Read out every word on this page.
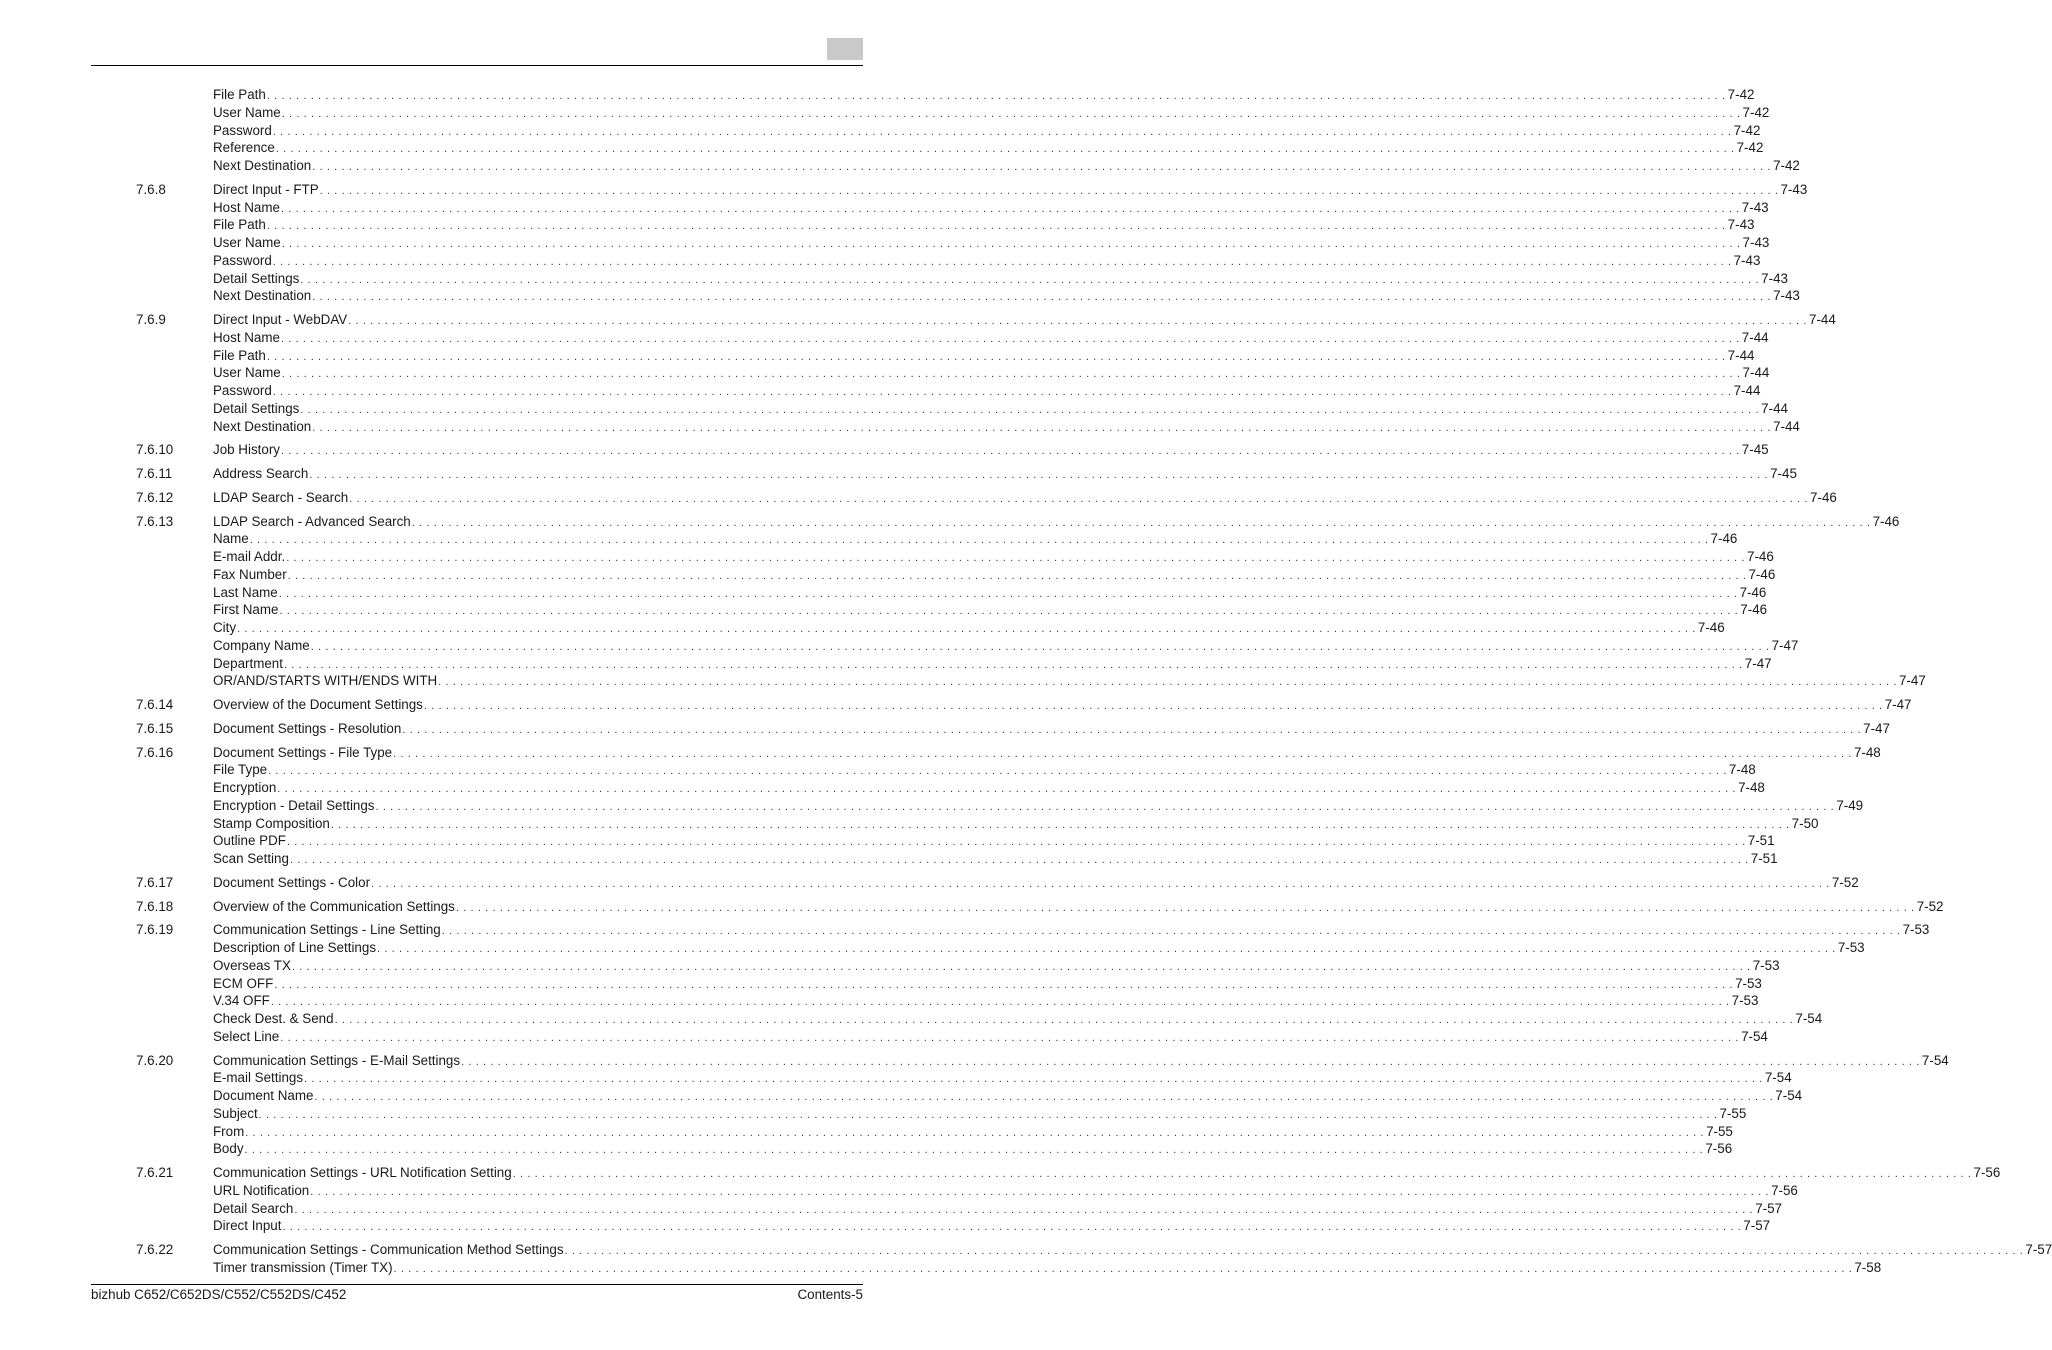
File Path . . . . . . . . . . . . . . . . . . . . . . . . . . . . . . . . . . . . . . . . . . . . . . . . . . . . . . . . . . . . . . . . . . . . . . . . . . . . . . . . . . . . . . . . . . . . . . . . . . . . . . . . . . . . . . . . . . . . . . . . . . . . . . . . . . . . . . . . . . . . . . . . . . . . . . . . . . . . . . . . . . . . . . . . . . . . . . . . . . . . . . . . . . . . . . . . . . . . . . . . 7-42
User Name . . . . . . . . . . . . . . . . . . . . . . . . . . . . . . . . . . . . . . . . . . . . . . . . . . . . . . . . . . . . . . . . . . . . . . . . . . . . . . . . . . . . . . . . . . . . . . . . . . . . . . . . . . . . . . . . . . . . . . . . . . . . . . . . . . . . . . . . . . . . . . . . . . . . . . . . . . . . . . . . . . . . . . . . . . . . . . . . . . . . . . . . . . . . . . . . . . . . . . . . 7-42
Password . . . . . . . . . . . . . . . . . . . . . . . . . . . . . . . . . . . . . . . . . . . . . . . . . . . . . . . . . . . . . . . . . . . . . . . . . . . . . . . . . . . . . . . . . . . . . . . . . . . . . . . . . . . . . . . . . . . . . . . . . . . . . . . . . . . . . . . . . . . . . . . . . . . . . . . . . . . . . . . . . . . . . . . . . . . . . . . . . . . . . . . . . . . . . . . . . . . . . . . . 7-42
Reference . . . . . . . . . . . . . . . . . . . . . . . . . . . . . . . . . . . . . . . . . . . . . . . . . . . . . . . . . . . . . . . . . . . . . . . . . . . . . . . . . . . . . . . . . . . . . . . . . . . . . . . . . . . . . . . . . . . . . . . . . . . . . . . . . . . . . . . . . . . . . . . . . . . . . . . . . . . . . . . . . . . . . . . . . . . . . . . . . . . . . . . . . . . . . . . . . . . . . . . . 7-42
Next Destination . . . . . . . . . . . . . . . . . . . . . . . . . . . . . . . . . . . . . . . . . . . . . . . . . . . . . . . . . . . . . . . . . . . . . . . . . . . . . . . . . . . . . . . . . . . . . . . . . . . . . . . . . . . . . . . . . . . . . . . . . . . . . . . . . . . . . . . . . . . . . . . . . . . . . . . . . . . . . . . . . . . . . . . . . . . . . . . . . . . . . . . . . . . . . . . . . . . . . . . . 7-42
7.6.8	Direct Input - FTP . . . . . . . . . . . . . . . . . . . . . . . . . . . . . . . . . . . . . . . . . . . . . . . . . . . . . . . . . . . . . . . . . . . . . . . . . . . . . . . . . . . . . . . . . . . . . . . . . . . . . . . . . . . . . . . . . . . . . . . . . . . . . . . . . . . . . . . . . . . . . . . . . . . . . . . . . . . . . . . . . . . . . . . . . . . . . . . . . . . . . . . . . . . . . . . . . . . . . . . . 7-43
Host Name . . . . . . . . . . . . . . . . . . . . . . . . . . . . . . . . . . . . . . . . . . . . . . . . . . . . . . . . . . . . . . . . . . . . . . . . . . . . . . . . . . . . . . . . . . . . . . . . . . . . . . . . . . . . . . . . . . . . . . . . . . . . . . . . . . . . . . . . . . . . . . . . . . . . . . . . . . . . . . . . . . . . . . . . . . . . . . . . . . . . . . . . . . . . . . . . . . . . . . . . 7-43
File Path . . . . . . . . . . . . . . . . . . . . . . . . . . . . . . . . . . . . . . . . . . . . . . . . . . . . . . . . . . . . . . . . . . . . . . . . . . . . . . . . . . . . . . . . . . . . . . . . . . . . . . . . . . . . . . . . . . . . . . . . . . . . . . . . . . . . . . . . . . . . . . . . . . . . . . . . . . . . . . . . . . . . . . . . . . . . . . . . . . . . . . . . . . . . . . . . . . . . . . . . 7-43
User Name . . . . . . . . . . . . . . . . . . . . . . . . . . . . . . . . . . . . . . . . . . . . . . . . . . . . . . . . . . . . . . . . . . . . . . . . . . . . . . . . . . . . . . . . . . . . . . . . . . . . . . . . . . . . . . . . . . . . . . . . . . . . . . . . . . . . . . . . . . . . . . . . . . . . . . . . . . . . . . . . . . . . . . . . . . . . . . . . . . . . . . . . . . . . . . . . . . . . . . . . 7-43
Password . . . . . . . . . . . . . . . . . . . . . . . . . . . . . . . . . . . . . . . . . . . . . . . . . . . . . . . . . . . . . . . . . . . . . . . . . . . . . . . . . . . . . . . . . . . . . . . . . . . . . . . . . . . . . . . . . . . . . . . . . . . . . . . . . . . . . . . . . . . . . . . . . . . . . . . . . . . . . . . . . . . . . . . . . . . . . . . . . . . . . . . . . . . . . . . . . . . . . . . . 7-43
Detail Settings . . . . . . . . . . . . . . . . . . . . . . . . . . . . . . . . . . . . . . . . . . . . . . . . . . . . . . . . . . . . . . . . . . . . . . . . . . . . . . . . . . . . . . . . . . . . . . . . . . . . . . . . . . . . . . . . . . . . . . . . . . . . . . . . . . . . . . . . . . . . . . . . . . . . . . . . . . . . . . . . . . . . . . . . . . . . . . . . . . . . . . . . . . . . . . . . . . . . . . . . 7-43
Next Destination . . . . . . . . . . . . . . . . . . . . . . . . . . . . . . . . . . . . . . . . . . . . . . . . . . . . . . . . . . . . . . . . . . . . . . . . . . . . . . . . . . . . . . . . . . . . . . . . . . . . . . . . . . . . . . . . . . . . . . . . . . . . . . . . . . . . . . . . . . . . . . . . . . . . . . . . . . . . . . . . . . . . . . . . . . . . . . . . . . . . . . . . . . . . . . . . . . . . . . . . 7-43
7.6.9	Direct Input - WebDAV . . . . . . . . . . . . . . . . . . . . . . . . . . . . . . . . . . . . . . . . . . . . . . . . . . . . . . . . . . . . . . . . . . . . . . . . . . . . . . . . . . . . . . . . . . . . . . . . . . . . . . . . . . . . . . . . . . . . . . . . . . . . . . . . . . . . . . . . . . . . . . . . . . . . . . . . . . . . . . . . . . . . . . . . . . . . . . . . . . . . . . . . . . . . . . . . . . . . . . . . 7-44
Host Name . . . . . . . . . . . . . . . . . . . . . . . . . . . . . . . . . . . . . . . . . . . . . . . . . . . . . . . . . . . . . . . . . . . . . . . . . . . . . . . . . . . . . . . . . . . . . . . . . . . . . . . . . . . . . . . . . . . . . . . . . . . . . . . . . . . . . . . . . . . . . . . . . . . . . . . . . . . . . . . . . . . . . . . . . . . . . . . . . . . . . . . . . . . . . . . . . . . . . . . . 7-44
File Path . . . . . . . . . . . . . . . . . . . . . . . . . . . . . . . . . . . . . . . . . . . . . . . . . . . . . . . . . . . . . . . . . . . . . . . . . . . . . . . . . . . . . . . . . . . . . . . . . . . . . . . . . . . . . . . . . . . . . . . . . . . . . . . . . . . . . . . . . . . . . . . . . . . . . . . . . . . . . . . . . . . . . . . . . . . . . . . . . . . . . . . . . . . . . . . . . . . . . . . . 7-44
User Name . . . . . . . . . . . . . . . . . . . . . . . . . . . . . . . . . . . . . . . . . . . . . . . . . . . . . . . . . . . . . . . . . . . . . . . . . . . . . . . . . . . . . . . . . . . . . . . . . . . . . . . . . . . . . . . . . . . . . . . . . . . . . . . . . . . . . . . . . . . . . . . . . . . . . . . . . . . . . . . . . . . . . . . . . . . . . . . . . . . . . . . . . . . . . . . . . . . . . . . . 7-44
Password . . . . . . . . . . . . . . . . . . . . . . . . . . . . . . . . . . . . . . . . . . . . . . . . . . . . . . . . . . . . . . . . . . . . . . . . . . . . . . . . . . . . . . . . . . . . . . . . . . . . . . . . . . . . . . . . . . . . . . . . . . . . . . . . . . . . . . . . . . . . . . . . . . . . . . . . . . . . . . . . . . . . . . . . . . . . . . . . . . . . . . . . . . . . . . . . . . . . . . . . 7-44
Detail Settings . . . . . . . . . . . . . . . . . . . . . . . . . . . . . . . . . . . . . . . . . . . . . . . . . . . . . . . . . . . . . . . . . . . . . . . . . . . . . . . . . . . . . . . . . . . . . . . . . . . . . . . . . . . . . . . . . . . . . . . . . . . . . . . . . . . . . . . . . . . . . . . . . . . . . . . . . . . . . . . . . . . . . . . . . . . . . . . . . . . . . . . . . . . . . . . . . . . . . . . . 7-44
Next Destination . . . . . . . . . . . . . . . . . . . . . . . . . . . . . . . . . . . . . . . . . . . . . . . . . . . . . . . . . . . . . . . . . . . . . . . . . . . . . . . . . . . . . . . . . . . . . . . . . . . . . . . . . . . . . . . . . . . . . . . . . . . . . . . . . . . . . . . . . . . . . . . . . . . . . . . . . . . . . . . . . . . . . . . . . . . . . . . . . . . . . . . . . . . . . . . . . . . . . . . . 7-44
7.6.10	Job History . . . . . . . . . . . . . . . . . . . . . . . . . . . . . . . . . . . . . . . . . . . . . . . . . . . . . . . . . . . . . . . . . . . . . . . . . . . . . . . . . . . . . . . . . . . . . . . . . . . . . . . . . . . . . . . . . . . . . . . . . . . . . . . . . . . . . . . . . . . . . . . . . . . . . . . . . . . . . . . . . . . . . . . . . . . . . . . . . . . . . . . . . . . . . . . . . . . . . . . . 7-45
7.6.11	Address Search . . . . . . . . . . . . . . . . . . . . . . . . . . . . . . . . . . . . . . . . . . . . . . . . . . . . . . . . . . . . . . . . . . . . . . . . . . . . . . . . . . . . . . . . . . . . . . . . . . . . . . . . . . . . . . . . . . . . . . . . . . . . . . . . . . . . . . . . . . . . . . . . . . . . . . . . . . . . . . . . . . . . . . . . . . . . . . . . . . . . . . . . . . . . . . . . . . . . . . . . 7-45
7.6.12	LDAP Search - Search . . . . . . . . . . . . . . . . . . . . . . . . . . . . . . . . . . . . . . . . . . . . . . . . . . . . . . . . . . . . . . . . . . . . . . . . . . . . . . . . . . . . . . . . . . . . . . . . . . . . . . . . . . . . . . . . . . . . . . . . . . . . . . . . . . . . . . . . . . . . . . . . . . . . . . . . . . . . . . . . . . . . . . . . . . . . . . . . . . . . . . . . . . . . . . . . . . . . . . . . 7-46
7.6.13	LDAP Search - Advanced Search . . . . . . . . . . . . . . . . . . . . . . . . . . . . . . . . . . . . . . . . . . . . . . . . . . . . . . . . . . . . . . . . . . . . . . . . . . . . . . . . . . . . . . . . . . . . . . . . . . . . . . . . . . . . . . . . . . . . . . . . . . . . . . . . . . . . . . . . . . . . . . . . . . . . . . . . . . . . . . . . . . . . . . . . . . . . . . . . . . . . . . . . . . . . . . . . . . . . . . . . 7-46
Name . . . . . . . . . . . . . . . . . . . . . . . . . . . . . . . . . . . . . . . . . . . . . . . . . . . . . . . . . . . . . . . . . . . . . . . . . . . . . . . . . . . . . . . . . . . . . . . . . . . . . . . . . . . . . . . . . . . . . . . . . . . . . . . . . . . . . . . . . . . . . . . . . . . . . . . . . . . . . . . . . . . . . . . . . . . . . . . . . . . . . . . . . . . . . . . . . . . . . . . . 7-46
E-mail Addr. . . . . . . . . . . . . . . . . . . . . . . . . . . . . . . . . . . . . . . . . . . . . . . . . . . . . . . . . . . . . . . . . . . . . . . . . . . . . . . . . . . . . . . . . . . . . . . . . . . . . . . . . . . . . . . . . . . . . . . . . . . . . . . . . . . . . . . . . . . . . . . . . . . . . . . . . . . . . . . . . . . . . . . . . . . . . . . . . . . . . . . . . . . . . . . . . . . . . . . . . 7-46
Fax Number . . . . . . . . . . . . . . . . . . . . . . . . . . . . . . . . . . . . . . . . . . . . . . . . . . . . . . . . . . . . . . . . . . . . . . . . . . . . . . . . . . . . . . . . . . . . . . . . . . . . . . . . . . . . . . . . . . . . . . . . . . . . . . . . . . . . . . . . . . . . . . . . . . . . . . . . . . . . . . . . . . . . . . . . . . . . . . . . . . . . . . . . . . . . . . . . . . . . . . . . 7-46
Last Name . . . . . . . . . . . . . . . . . . . . . . . . . . . . . . . . . . . . . . . . . . . . . . . . . . . . . . . . . . . . . . . . . . . . . . . . . . . . . . . . . . . . . . . . . . . . . . . . . . . . . . . . . . . . . . . . . . . . . . . . . . . . . . . . . . . . . . . . . . . . . . . . . . . . . . . . . . . . . . . . . . . . . . . . . . . . . . . . . . . . . . . . . . . . . . . . . . . . . . . . 7-46
First Name . . . . . . . . . . . . . . . . . . . . . . . . . . . . . . . . . . . . . . . . . . . . . . . . . . . . . . . . . . . . . . . . . . . . . . . . . . . . . . . . . . . . . . . . . . . . . . . . . . . . . . . . . . . . . . . . . . . . . . . . . . . . . . . . . . . . . . . . . . . . . . . . . . . . . . . . . . . . . . . . . . . . . . . . . . . . . . . . . . . . . . . . . . . . . . . . . . . . . . . . 7-46
City . . . . . . . . . . . . . . . . . . . . . . . . . . . . . . . . . . . . . . . . . . . . . . . . . . . . . . . . . . . . . . . . . . . . . . . . . . . . . . . . . . . . . . . . . . . . . . . . . . . . . . . . . . . . . . . . . . . . . . . . . . . . . . . . . . . . . . . . . . . . . . . . . . . . . . . . . . . . . . . . . . . . . . . . . . . . . . . . . . . . . . . . . . . . . . . . . . . . . . . . 7-46
Company Name . . . . . . . . . . . . . . . . . . . . . . . . . . . . . . . . . . . . . . . . . . . . . . . . . . . . . . . . . . . . . . . . . . . . . . . . . . . . . . . . . . . . . . . . . . . . . . . . . . . . . . . . . . . . . . . . . . . . . . . . . . . . . . . . . . . . . . . . . . . . . . . . . . . . . . . . . . . . . . . . . . . . . . . . . . . . . . . . . . . . . . . . . . . . . . . . . . . . . . . . 7-47
Department . . . . . . . . . . . . . . . . . . . . . . . . . . . . . . . . . . . . . . . . . . . . . . . . . . . . . . . . . . . . . . . . . . . . . . . . . . . . . . . . . . . . . . . . . . . . . . . . . . . . . . . . . . . . . . . . . . . . . . . . . . . . . . . . . . . . . . . . . . . . . . . . . . . . . . . . . . . . . . . . . . . . . . . . . . . . . . . . . . . . . . . . . . . . . . . . . . . . . . . . 7-47
OR/AND/STARTS WITH/ENDS WITH . . . . . . . . . . . . . . . . . . . . . . . . . . . . . . . . . . . . . . . . . . . . . . . . . . . . . . . . . . . . . . . . . . . . . . . . . . . . . . . . . . . . . . . . . . . . . . . . . . . . . . . . . . . . . . . . . . . . . . . . . . . . . . . . . . . . . . . . . . . . . . . . . . . . . . . . . . . . . . . . . . . . . . . . . . . . . . . . . . . . . . . . . . . . . . . . . . . . . . . . 7-47
7.6.14	Overview of the Document Settings . . . . . . . . . . . . . . . . . . . . . . . . . . . . . . . . . . . . . . . . . . . . . . . . . . . . . . . . . . . . . . . . . . . . . . . . . . . . . . . . . . . . . . . . . . . . . . . . . . . . . . . . . . . . . . . . . . . . . . . . . . . . . . . . . . . . . . . . . . . . . . . . . . . . . . . . . . . . . . . . . . . . . . . . . . . . . . . . . . . . . . . . . . . . . . . . . . . . . . . . 7-47
7.6.15	Document Settings - Resolution . . . . . . . . . . . . . . . . . . . . . . . . . . . . . . . . . . . . . . . . . . . . . . . . . . . . . . . . . . . . . . . . . . . . . . . . . . . . . . . . . . . . . . . . . . . . . . . . . . . . . . . . . . . . . . . . . . . . . . . . . . . . . . . . . . . . . . . . . . . . . . . . . . . . . . . . . . . . . . . . . . . . . . . . . . . . . . . . . . . . . . . . . . . . . . . . . . . . . . . . 7-47
7.6.16	Document Settings - File Type . . . . . . . . . . . . . . . . . . . . . . . . . . . . . . . . . . . . . . . . . . . . . . . . . . . . . . . . . . . . . . . . . . . . . . . . . . . . . . . . . . . . . . . . . . . . . . . . . . . . . . . . . . . . . . . . . . . . . . . . . . . . . . . . . . . . . . . . . . . . . . . . . . . . . . . . . . . . . . . . . . . . . . . . . . . . . . . . . . . . . . . . . . . . . . . . . . . . . . . . 7-48
File Type . . . . . . . . . . . . . . . . . . . . . . . . . . . . . . . . . . . . . . . . . . . . . . . . . . . . . . . . . . . . . . . . . . . . . . . . . . . . . . . . . . . . . . . . . . . . . . . . . . . . . . . . . . . . . . . . . . . . . . . . . . . . . . . . . . . . . . . . . . . . . . . . . . . . . . . . . . . . . . . . . . . . . . . . . . . . . . . . . . . . . . . . . . . . . . . . . . . . . . . . 7-48
Encryption . . . . . . . . . . . . . . . . . . . . . . . . . . . . . . . . . . . . . . . . . . . . . . . . . . . . . . . . . . . . . . . . . . . . . . . . . . . . . . . . . . . . . . . . . . . . . . . . . . . . . . . . . . . . . . . . . . . . . . . . . . . . . . . . . . . . . . . . . . . . . . . . . . . . . . . . . . . . . . . . . . . . . . . . . . . . . . . . . . . . . . . . . . . . . . . . . . . . . . . . 7-48
Encryption - Detail Settings . . . . . . . . . . . . . . . . . . . . . . . . . . . . . . . . . . . . . . . . . . . . . . . . . . . . . . . . . . . . . . . . . . . . . . . . . . . . . . . . . . . . . . . . . . . . . . . . . . . . . . . . . . . . . . . . . . . . . . . . . . . . . . . . . . . . . . . . . . . . . . . . . . . . . . . . . . . . . . . . . . . . . . . . . . . . . . . . . . . . . . . . . . . . . . . . . . . . . . . . 7-49
Stamp Composition . . . . . . . . . . . . . . . . . . . . . . . . . . . . . . . . . . . . . . . . . . . . . . . . . . . . . . . . . . . . . . . . . . . . . . . . . . . . . . . . . . . . . . . . . . . . . . . . . . . . . . . . . . . . . . . . . . . . . . . . . . . . . . . . . . . . . . . . . . . . . . . . . . . . . . . . . . . . . . . . . . . . . . . . . . . . . . . . . . . . . . . . . . . . . . . . . . . . . . . . 7-50
Outline PDF . . . . . . . . . . . . . . . . . . . . . . . . . . . . . . . . . . . . . . . . . . . . . . . . . . . . . . . . . . . . . . . . . . . . . . . . . . . . . . . . . . . . . . . . . . . . . . . . . . . . . . . . . . . . . . . . . . . . . . . . . . . . . . . . . . . . . . . . . . . . . . . . . . . . . . . . . . . . . . . . . . . . . . . . . . . . . . . . . . . . . . . . . . . . . . . . . . . . . . . . 7-51
Scan Setting . . . . . . . . . . . . . . . . . . . . . . . . . . . . . . . . . . . . . . . . . . . . . . . . . . . . . . . . . . . . . . . . . . . . . . . . . . . . . . . . . . . . . . . . . . . . . . . . . . . . . . . . . . . . . . . . . . . . . . . . . . . . . . . . . . . . . . . . . . . . . . . . . . . . . . . . . . . . . . . . . . . . . . . . . . . . . . . . . . . . . . . . . . . . . . . . . . . . . . . . 7-51
7.6.17	Document Settings - Color . . . . . . . . . . . . . . . . . . . . . . . . . . . . . . . . . . . . . . . . . . . . . . . . . . . . . . . . . . . . . . . . . . . . . . . . . . . . . . . . . . . . . . . . . . . . . . . . . . . . . . . . . . . . . . . . . . . . . . . . . . . . . . . . . . . . . . . . . . . . . . . . . . . . . . . . . . . . . . . . . . . . . . . . . . . . . . . . . . . . . . . . . . . . . . . . . . . . . . . . 7-52
7.6.18	Overview of the Communication Settings . . . . . . . . . . . . . . . . . . . . . . . . . . . . . . . . . . . . . . . . . . . . . . . . . . . . . . . . . . . . . . . . . . . . . . . . . . . . . . . . . . . . . . . . . . . . . . . . . . . . . . . . . . . . . . . . . . . . . . . . . . . . . . . . . . . . . . . . . . . . . . . . . . . . . . . . . . . . . . . . . . . . . . . . . . . . . . . . . . . . . . . . . . . . . . . . . . . . . . . . 7-52
7.6.19	Communication Settings - Line Setting . . . . . . . . . . . . . . . . . . . . . . . . . . . . . . . . . . . . . . . . . . . . . . . . . . . . . . . . . . . . . . . . . . . . . . . . . . . . . . . . . . . . . . . . . . . . . . . . . . . . . . . . . . . . . . . . . . . . . . . . . . . . . . . . . . . . . . . . . . . . . . . . . . . . . . . . . . . . . . . . . . . . . . . . . . . . . . . . . . . . . . . . . . . . . . . . . . . . . . . . 7-53
Description of Line Settings . . . . . . . . . . . . . . . . . . . . . . . . . . . . . . . . . . . . . . . . . . . . . . . . . . . . . . . . . . . . . . . . . . . . . . . . . . . . . . . . . . . . . . . . . . . . . . . . . . . . . . . . . . . . . . . . . . . . . . . . . . . . . . . . . . . . . . . . . . . . . . . . . . . . . . . . . . . . . . . . . . . . . . . . . . . . . . . . . . . . . . . . . . . . . . . . . . . . . . . . 7-53
Overseas TX . . . . . . . . . . . . . . . . . . . . . . . . . . . . . . . . . . . . . . . . . . . . . . . . . . . . . . . . . . . . . . . . . . . . . . . . . . . . . . . . . . . . . . . . . . . . . . . . . . . . . . . . . . . . . . . . . . . . . . . . . . . . . . . . . . . . . . . . . . . . . . . . . . . . . . . . . . . . . . . . . . . . . . . . . . . . . . . . . . . . . . . . . . . . . . . . . . . . . . . . 7-53
ECM OFF . . . . . . . . . . . . . . . . . . . . . . . . . . . . . . . . . . . . . . . . . . . . . . . . . . . . . . . . . . . . . . . . . . . . . . . . . . . . . . . . . . . . . . . . . . . . . . . . . . . . . . . . . . . . . . . . . . . . . . . . . . . . . . . . . . . . . . . . . . . . . . . . . . . . . . . . . . . . . . . . . . . . . . . . . . . . . . . . . . . . . . . . . . . . . . . . . . . . . . . . 7-53
V.34 OFF . . . . . . . . . . . . . . . . . . . . . . . . . . . . . . . . . . . . . . . . . . . . . . . . . . . . . . . . . . . . . . . . . . . . . . . . . . . . . . . . . . . . . . . . . . . . . . . . . . . . . . . . . . . . . . . . . . . . . . . . . . . . . . . . . . . . . . . . . . . . . . . . . . . . . . . . . . . . . . . . . . . . . . . . . . . . . . . . . . . . . . . . . . . . . . . . . . . . . . . . 7-53
Check Dest. & Send . . . . . . . . . . . . . . . . . . . . . . . . . . . . . . . . . . . . . . . . . . . . . . . . . . . . . . . . . . . . . . . . . . . . . . . . . . . . . . . . . . . . . . . . . . . . . . . . . . . . . . . . . . . . . . . . . . . . . . . . . . . . . . . . . . . . . . . . . . . . . . . . . . . . . . . . . . . . . . . . . . . . . . . . . . . . . . . . . . . . . . . . . . . . . . . . . . . . . . . . 7-54
Select Line . . . . . . . . . . . . . . . . . . . . . . . . . . . . . . . . . . . . . . . . . . . . . . . . . . . . . . . . . . . . . . . . . . . . . . . . . . . . . . . . . . . . . . . . . . . . . . . . . . . . . . . . . . . . . . . . . . . . . . . . . . . . . . . . . . . . . . . . . . . . . . . . . . . . . . . . . . . . . . . . . . . . . . . . . . . . . . . . . . . . . . . . . . . . . . . . . . . . . . . . 7-54
7.6.20	Communication Settings - E-Mail Settings . . . . . . . . . . . . . . . . . . . . . . . . . . . . . . . . . . . . . . . . . . . . . . . . . . . . . . . . . . . . . . . . . . . . . . . . . . . . . . . . . . . . . . . . . . . . . . . . . . . . . . . . . . . . . . . . . . . . . . . . . . . . . . . . . . . . . . . . . . . . . . . . . . . . . . . . . . . . . . . . . . . . . . . . . . . . . . . . . . . . . . . . . . . . . . . . . . . . . . . . 7-54
E-mail Settings . . . . . . . . . . . . . . . . . . . . . . . . . . . . . . . . . . . . . . . . . . . . . . . . . . . . . . . . . . . . . . . . . . . . . . . . . . . . . . . . . . . . . . . . . . . . . . . . . . . . . . . . . . . . . . . . . . . . . . . . . . . . . . . . . . . . . . . . . . . . . . . . . . . . . . . . . . . . . . . . . . . . . . . . . . . . . . . . . . . . . . . . . . . . . . . . . . . . . . . . 7-54
Document Name . . . . . . . . . . . . . . . . . . . . . . . . . . . . . . . . . . . . . . . . . . . . . . . . . . . . . . . . . . . . . . . . . . . . . . . . . . . . . . . . . . . . . . . . . . . . . . . . . . . . . . . . . . . . . . . . . . . . . . . . . . . . . . . . . . . . . . . . . . . . . . . . . . . . . . . . . . . . . . . . . . . . . . . . . . . . . . . . . . . . . . . . . . . . . . . . . . . . . . . . 7-54
Subject . . . . . . . . . . . . . . . . . . . . . . . . . . . . . . . . . . . . . . . . . . . . . . . . . . . . . . . . . . . . . . . . . . . . . . . . . . . . . . . . . . . . . . . . . . . . . . . . . . . . . . . . . . . . . . . . . . . . . . . . . . . . . . . . . . . . . . . . . . . . . . . . . . . . . . . . . . . . . . . . . . . . . . . . . . . . . . . . . . . . . . . . . . . . . . . . . . . . . . . . 7-55
From . . . . . . . . . . . . . . . . . . . . . . . . . . . . . . . . . . . . . . . . . . . . . . . . . . . . . . . . . . . . . . . . . . . . . . . . . . . . . . . . . . . . . . . . . . . . . . . . . . . . . . . . . . . . . . . . . . . . . . . . . . . . . . . . . . . . . . . . . . . . . . . . . . . . . . . . . . . . . . . . . . . . . . . . . . . . . . . . . . . . . . . . . . . . . . . . . . . . . . . . 7-55
Body . . . . . . . . . . . . . . . . . . . . . . . . . . . . . . . . . . . . . . . . . . . . . . . . . . . . . . . . . . . . . . . . . . . . . . . . . . . . . . . . . . . . . . . . . . . . . . . . . . . . . . . . . . . . . . . . . . . . . . . . . . . . . . . . . . . . . . . . . . . . . . . . . . . . . . . . . . . . . . . . . . . . . . . . . . . . . . . . . . . . . . . . . . . . . . . . . . . . . . . . 7-56
7.6.21	Communication Settings - URL Notification Setting . . . . . . . . . . . . . . . . . . . . . . . . . . . . . . . . . . . . . . . . . . . . . . . . . . . . . . . . . . . . . . . . . . . . . . . . . . . . . . . . . . . . . . . . . . . . . . . . . . . . . . . . . . . . . . . . . . . . . . . . . . . . . . . . . . . . . . . . . . . . . . . . . . . . . . . . . . . . . . . . . . . . . . . . . . . . . . . . . . . . . . . . . . . . . . . . . . . . . . . . 7-56
URL Notification . . . . . . . . . . . . . . . . . . . . . . . . . . . . . . . . . . . . . . . . . . . . . . . . . . . . . . . . . . . . . . . . . . . . . . . . . . . . . . . . . . . . . . . . . . . . . . . . . . . . . . . . . . . . . . . . . . . . . . . . . . . . . . . . . . . . . . . . . . . . . . . . . . . . . . . . . . . . . . . . . . . . . . . . . . . . . . . . . . . . . . . . . . . . . . . . . . . . . . . . 7-56
Detail Search . . . . . . . . . . . . . . . . . . . . . . . . . . . . . . . . . . . . . . . . . . . . . . . . . . . . . . . . . . . . . . . . . . . . . . . . . . . . . . . . . . . . . . . . . . . . . . . . . . . . . . . . . . . . . . . . . . . . . . . . . . . . . . . . . . . . . . . . . . . . . . . . . . . . . . . . . . . . . . . . . . . . . . . . . . . . . . . . . . . . . . . . . . . . . . . . . . . . . . . . 7-57
Direct Input . . . . . . . . . . . . . . . . . . . . . . . . . . . . . . . . . . . . . . . . . . . . . . . . . . . . . . . . . . . . . . . . . . . . . . . . . . . . . . . . . . . . . . . . . . . . . . . . . . . . . . . . . . . . . . . . . . . . . . . . . . . . . . . . . . . . . . . . . . . . . . . . . . . . . . . . . . . . . . . . . . . . . . . . . . . . . . . . . . . . . . . . . . . . . . . . . . . . . . . . 7-57
7.6.22	Communication Settings - Communication Method Settings . . . . . . . . . . . . . . . . . . . . . . . . . . . . . . . . . . . . . . . . . . . . . . . . . . . . . . . . . . . . . . . . . . . . . . . . . . . . . . . . . . . . . . . . . . . . . . . . . . . . . . . . . . . . . . . . . . . . . . . . . . . . . . . . . . . . . . . . . . . . . . . . . . . . . . . . . . . . . . . . . . . . . . . . . . . . . . . . . . . . . . . . . . . . . . . . . . . . . . . . 7-57
Timer transmission (Timer TX) . . . . . . . . . . . . . . . . . . . . . . . . . . . . . . . . . . . . . . . . . . . . . . . . . . . . . . . . . . . . . . . . . . . . . . . . . . . . . . . . . . . . . . . . . . . . . . . . . . . . . . . . . . . . . . . . . . . . . . . . . . . . . . . . . . . . . . . . . . . . . . . . . . . . . . . . . . . . . . . . . . . . . . . . . . . . . . . . . . . . . . . . . . . . . . . . . . . . . . . . 7-58
bizhub C652/C652DS/C552/C552DS/C452	Contents-5
